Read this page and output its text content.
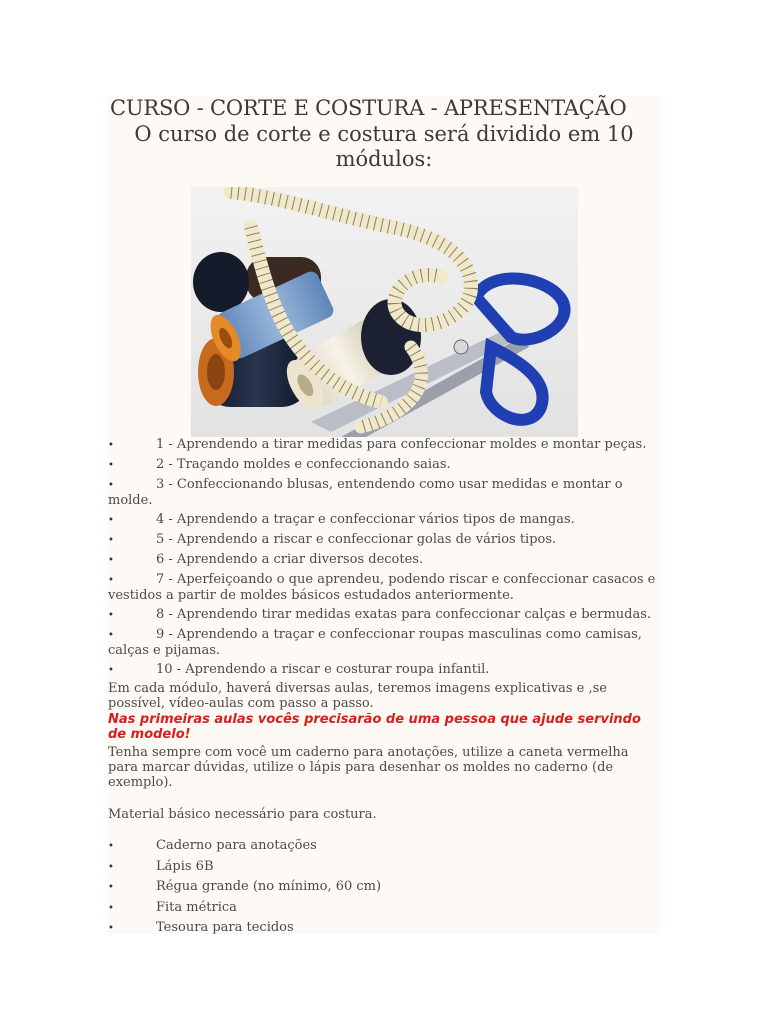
CURSO - CORTE E COSTURA - APRESENTAÇÃO
O curso de corte e costura será dividido em 10
módulos:
•	1 - Aprendendo a tirar medidas para confeccionar moldes e montar peças.
•	2 - Traçando moldes e confeccionando saias.
•	3 - Confeccionando blusas, entendendo como usar medidas e montar o molde.
•	4 - Aprendendo a traçar e confeccionar vários tipos de mangas.
•	5 - Aprendendo a riscar e confeccionar golas de vários tipos.
•	6 - Aprendendo a criar diversos decotes.
•	7 - Aperfeiçoando o que aprendeu, podendo riscar e confeccionar casacos e vestidos a partir de moldes básicos estudados anteriormente.
•	8 - Aprendendo tirar medidas exatas para confeccionar calças e bermudas.
•	9 - Aprendendo a traçar e confeccionar roupas masculinas como camisas, calças e pijamas.
•	10 - Aprendendo a riscar e costurar roupa infantil.
Em cada módulo, haverá diversas aulas, teremos imagens explicativas e ,se possível, vídeo-aulas com passo a passo.
Nas primeiras aulas vocês precisarão de uma pessoa que ajude servindo de modelo!
Tenha sempre com você um caderno para anotações, utilize a caneta vermelha para marcar dúvidas, utilize o lápis para desenhar os moldes no caderno (de exemplo).
Material básico necessário para costura.
•	Caderno para anotações
•	Lápis 6B
•	Régua grande (no mínimo, 60 cm)
•	Fita métrica
•	Tesoura para tecidos
